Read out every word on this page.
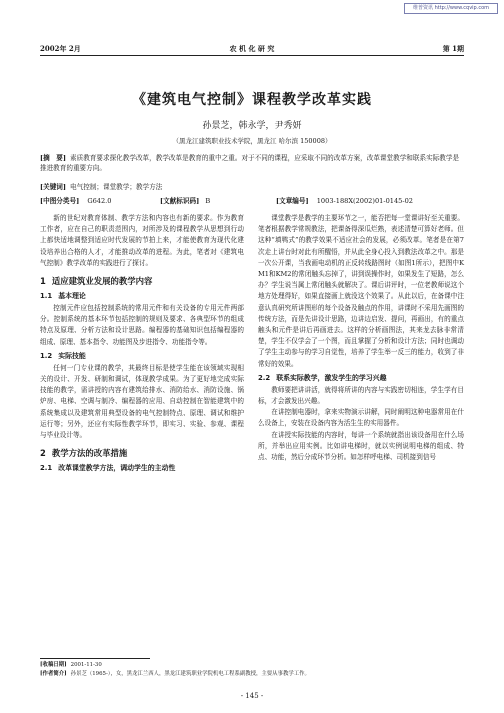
维普资讯 http://www.cqvip.com
2002年 2月	农 机 化 研 究	第 1期
《建筑电气控制》课程教学改革实践
孙景芝，韩永学，尹秀妍
（黑龙江建筑职业技术学院，黑龙江 哈尔滨 150008）
[摘　要] 素质教育要求探化教学改革，教学改革是教育的重中之重。对于不同的课程，应采取不同的改革方案，改革课堂教学和联系实际教学是推进教育的重要方向。
[关键词] 电气控制；课堂教学；教学方法
[中图分类号] G642.0	[文献标识码] B	[文章编号] 1003-188X(2002)01-0145-02

新的世纪对教育体制、教学方法和内容也有新的要求。作为教育工作者，应在自己的职责范围内，对所涉及的课程教学从思想到行动上都快适地调整到适应时代发展的节拍上来，才能使教育为现代化建设培养出合格的人才，才能推动改革的进程。为此，笔者对《建筑电气控制》教学改革的实践进行了探讨。

1 适应建筑业发展的教学内容
1.1 基本理论

控制元件应包括控制系统的常用元件和有关设备的专用元件两部分。控制系统的基本环节包括控制的规则及要求、各典型环节的组成特点及原理、分析方法和设计思路。编程器的基础知识包括编程器的组成、原理、基本指令、功能图及步进指令、功能指令等。

1.2 实际技能

任何一门专业课的教学，其最终目标是使学生能在该领域实现相关的设计、开发、研制和调试，体现教学成果。为了更好地完成实际技能的教学，需讲授的内容有建筑给排水、消防给水、消防设施、锅炉房、电梯、空调与制冷、编程器的应用、自动控制在智能建筑中的系统集成以及建筑常用典型设备的电气控制特点、原理、调试和维护运行等；另外，还应有实际性教学环节，即实习、实验、参观、课程与毕业设计等。

2 教学方法的改革措施
2.1 改革课堂教学方法，调动学生的主动性

课堂教学是教学的主要环节之一，能否把每一堂课讲好至关重要。笔者根据教学常规教法，把课备得深瓜烂熟，表述清楚可算好老师。但这种“填鸭式”的教学效果不适应社会的发展，必须改革。笔者是在第7次走上讲台时对此有所醒悟，并从此全身心投入到教法改革之中。那是一次公开课，当我画电动机的正反转线路图时（如图1所示），把图中KM1和KM2的常闭触头忘掉了，讲到误操作时，如果发生了短路，怎么办？学生说当属上常闭触头就解决了。课后讲评时，一位老教师说这个地方处理得好，如果直接画上就没这个效果了。从此以后，在备课中注意认真研究所讲图形的每个设备及触点的作用，讲课时不采用先画图的传统方法，而是先讲设计思路，边讲边启发、提问，再画出，有的重点触头和元件是讲后再画进去。这样的分析画图法，其来龙去脉非常清楚，学生不仅学会了一个图，而且掌握了分析和设计方法；同时也调动了学生主动参与的学习自觉性，培养了学生举一反三的能力，收到了非常好的效果。

2.2 联系实际教学，激发学生的学习兴趣

教师要把讲讲活，就得将所讲的内容与实践密切相连，学生学有目标，才会激发出兴趣。

在讲控制电器时，拿来实物演示讲解，同时阐明这种电器常用在什么设备上，安装在设备内容为活生生的实用器件。

在讲授实际技能的内容时，每讲一个系统就指出该设备用在什么场所，并举出应用实例。比如讲电梯时，就以实例说明电梯的组成、特点、功能，然后分成环节分析。如怎样呼电梯、司机接到信号

[收稿日期] 2001-11-30
[作者简介] 孙景芝（1965-），女，黑龙江兰西人，黑龙江建筑职业学院机电工程系副教授，主要从事教学工作。
- 145 -
